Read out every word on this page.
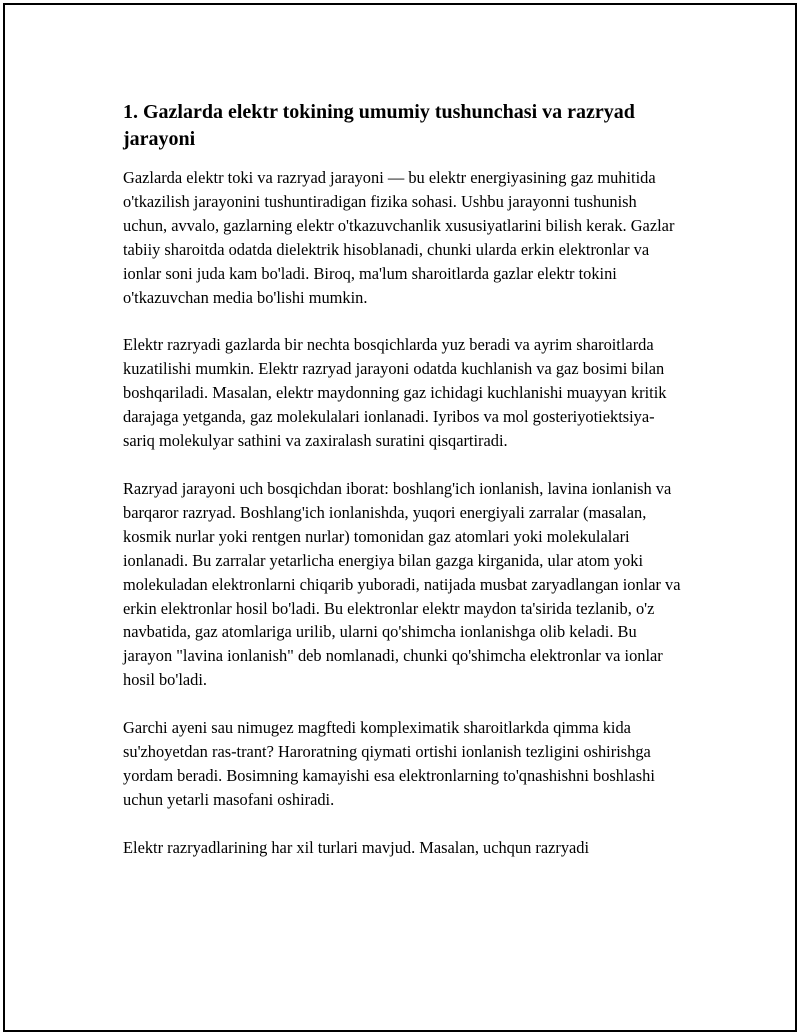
1. Gazlarda elektr tokining umumiy tushunchasi va razryad jarayoni

Gazlarda elektr toki va razryad jarayoni — bu elektr energiyasining gaz muhitida o'tkazilish jarayonini tushuntiradigan fizika sohasi. Ushbu jarayonni tushunish uchun, avvalo, gazlarning elektr o'tkazuvchanlik xususiyatlarini bilish kerak. Gazlar tabiiy sharoitda odatda dielektrik hisoblanadi, chunki ularda erkin elektronlar va ionlar soni juda kam bo'ladi. Biroq, ma'lum sharoitlarda gazlar elektr tokini o'tkazuvchan media bo'lishi mumkin.

Elektr razryadi gazlarda bir nechta bosqichlarda yuz beradi va ayrim sharoitlarda kuzatilishi mumkin. Elektr razryad jarayoni odatda kuchlanish va gaz bosimi bilan boshqariladi. Masalan, elektr maydonning gaz ichidagi kuchlanishi muayyan kritik darajaga yetganda, gaz molekulalari ionlanadi. Iyribos va mol gosteriyotiektsiya-sariq molekulyar sathini va zaxiralash suratini qisqartiradi.

Razryad jarayoni uch bosqichdan iborat: boshlang'ich ionlanish, lavina ionlanish va barqaror razryad. Boshlang'ich ionlanishda, yuqori energiyali zarralar (masalan, kosmik nurlar yoki rentgen nurlar) tomonidan gaz atomlari yoki molekulalari ionlanadi. Bu zarralar yetarlicha energiya bilan gazga kirganida, ular atom yoki molekuladan elektronlarni chiqarib yuboradi, natijada musbat zaryadlangan ionlar va erkin elektronlar hosil bo'ladi. Bu elektronlar elektr maydon ta'sirida tezlanib, o'z navbatida, gaz atomlariga urilib, ularni qo'shimcha ionlanishga olib keladi. Bu jarayon "lavina ionlanish" deb nomlanadi, chunki qo'shimcha elektronlar va ionlar hosil bo'ladi.

Garchi ayeni sau nimugez magftedi kompleximatik sharoitlarkda qimma kida su'zhoyetdan ras-trant? Haroratning qiymati ortishi ionlanish tezligini oshirishga yordam beradi. Bosimning kamayishi esa elektronlarning to'qnashishni boshlashi uchun yetarli masofani oshiradi.

Elektr razryadlarining har xil turlari mavjud. Masalan, uchqun razryadi
